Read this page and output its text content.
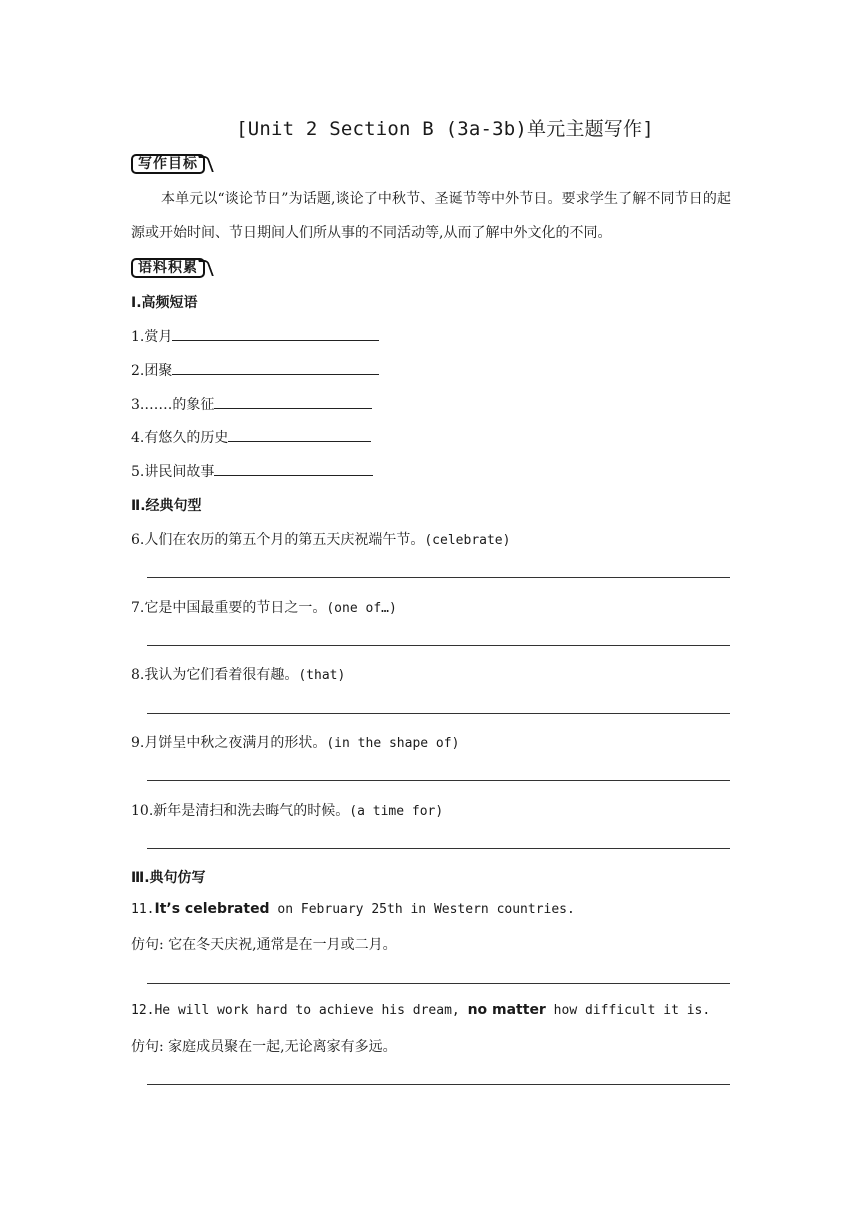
[Unit 2 Section B (3a-3b)单元主题写作]
写作目标
本单元以“谈论节日”为话题,谈论了中秋节、圣诞节等中外节日。要求学生了解不同节日的起源或开始时间、节日期间人们所从事的不同活动等,从而了解中外文化的不同。
语料积累
Ⅰ.高频短语
1.赏月
2.团聚
3.……的象征
4.有悠久的历史
5.讲民间故事
Ⅱ.经典句型
6.人们在农历的第五个月的第五天庆祝端午节。(celebrate)
7.它是中国最重要的节日之一。(one of…)
8.我认为它们看着很有趣。(that)
9.月饼呈中秋之夜满月的形状。(in the shape of)
10.新年是清扫和洗去晦气的时候。(a time for)
Ⅲ.典句仿写
11.It’s celebrated on February 25th in Western countries.
仿句: 它在冬天庆祝,通常是在一月或二月。
12.He will work hard to achieve his dream, no matter how difficult it is.
仿句: 家庭成员聚在一起,无论离家有多远。
